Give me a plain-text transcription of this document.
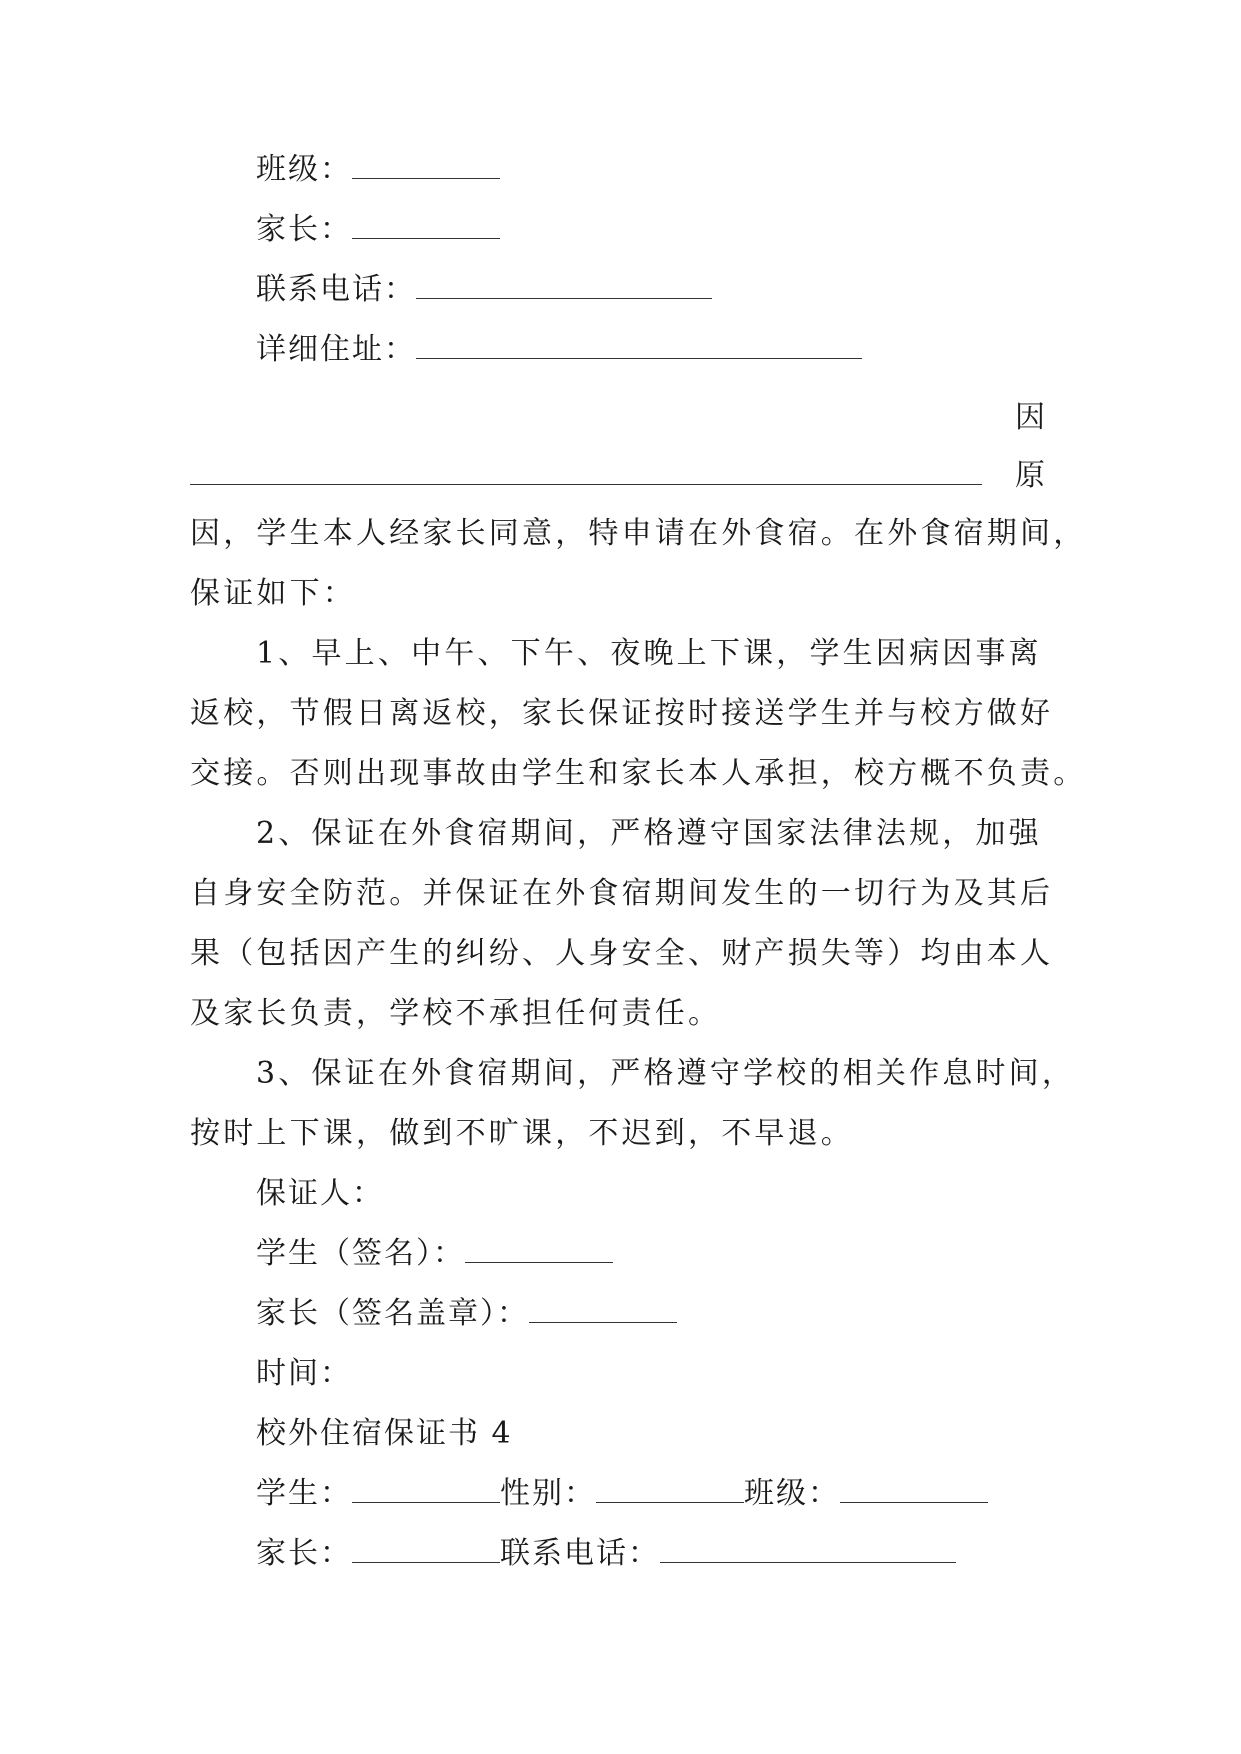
班级：
家长：
联系电话：
详细住址：
因
原
因，学生本人经家长同意，特申请在外食宿。在外食宿期间，
保证如下：
1、早上、中午、下午、夜晚上下课，学生因病因事离
返校，节假日离返校，家长保证按时接送学生并与校方做好
交接。否则出现事故由学生和家长本人承担，校方概不负责。
2、保证在外食宿期间，严格遵守国家法律法规，加强
自身安全防范。并保证在外食宿期间发生的一切行为及其后
果（包括因产生的纠纷、人身安全、财产损失等）均由本人
及家长负责，学校不承担任何责任。
3、保证在外食宿期间，严格遵守学校的相关作息时间，
按时上下课，做到不旷课，不迟到，不早退。
保证人：
学生（签名）：
家长（签名盖章）：
时间：
校外住宿保证书 4
学生：	性别：	班级：
家长：	联系电话：
